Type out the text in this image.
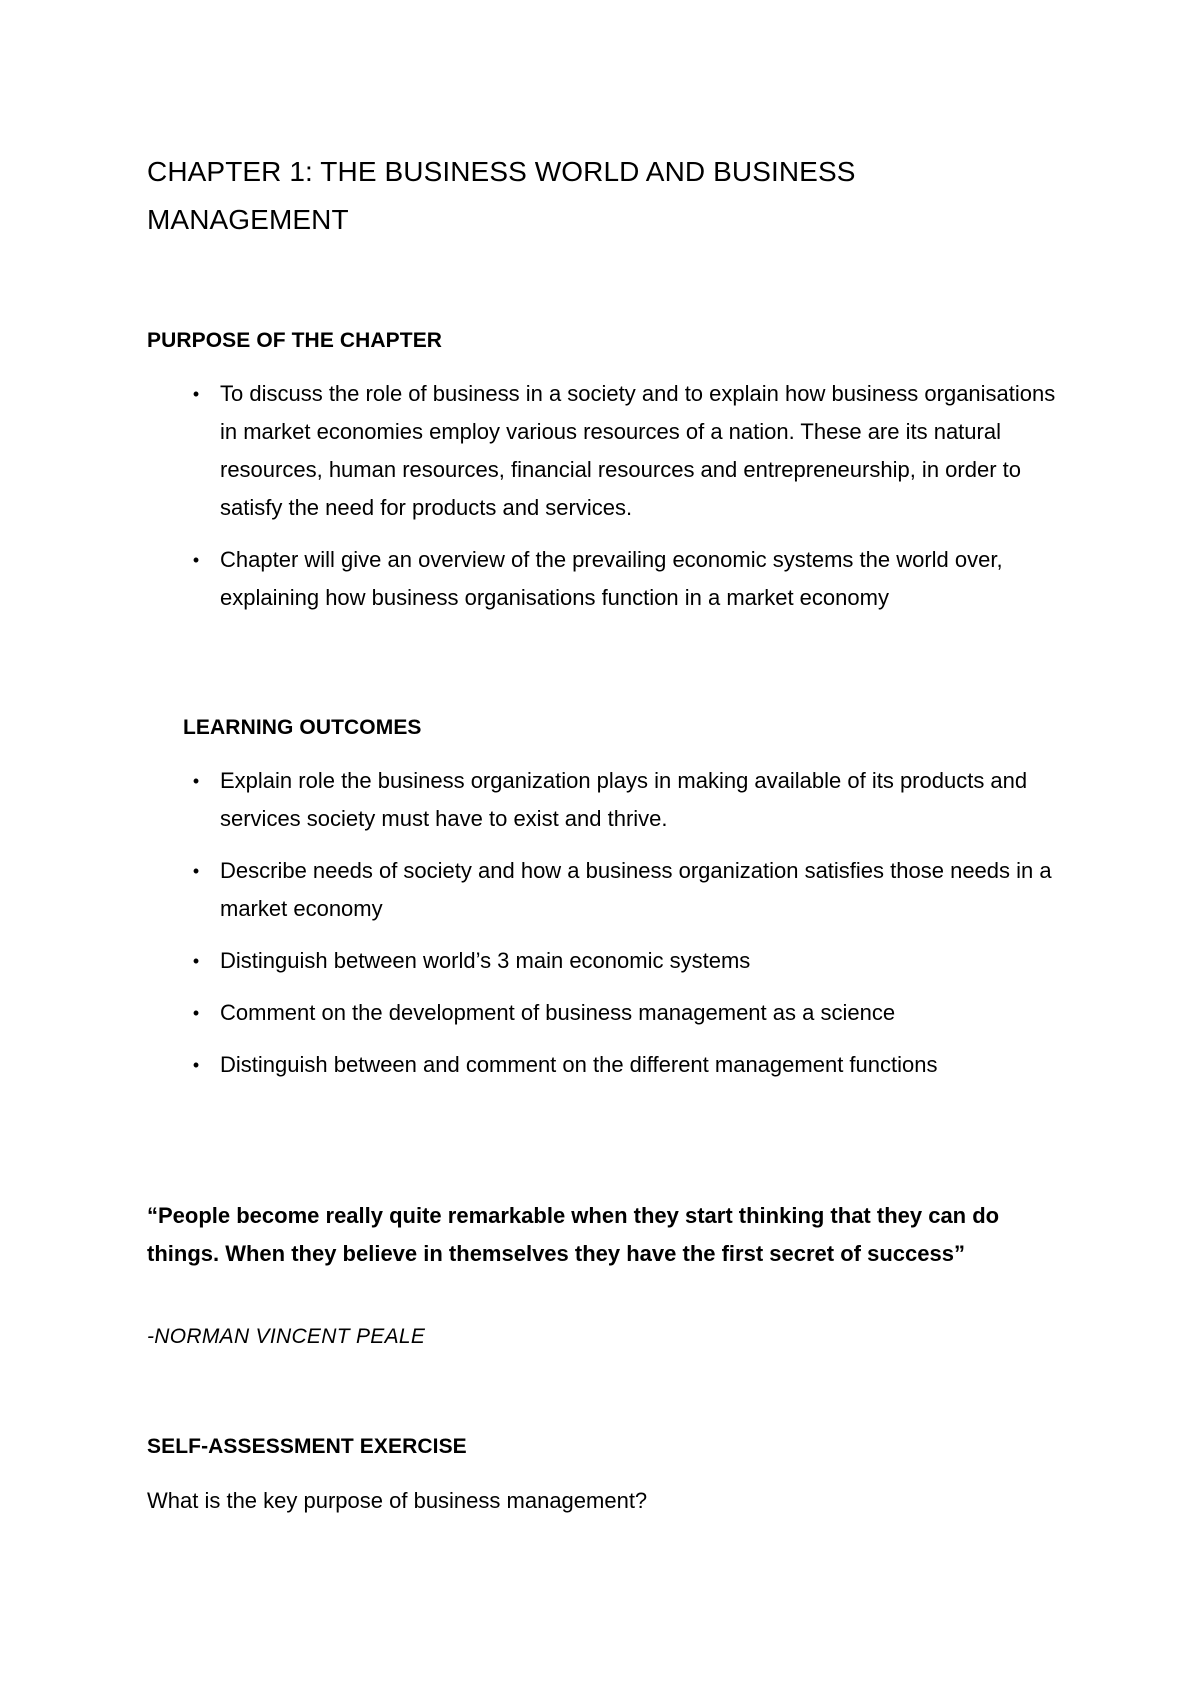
CHAPTER 1: THE BUSINESS WORLD AND BUSINESS MANAGEMENT
PURPOSE OF THE CHAPTER
• To discuss the role of business in a society and to explain how business organisations in market economies employ various resources of a nation. These are its natural resources, human resources, financial resources and entrepreneurship, in order to satisfy the need for products and services.
• Chapter will give an overview of the prevailing economic systems the world over, explaining how business organisations function in a market economy
LEARNING OUTCOMES
• Explain role the business organization plays in making available of its products and services society must have to exist and thrive.
• Describe needs of society and how a business organization satisfies those needs in a market economy
• Distinguish between world’s 3 main economic systems
• Comment on the development of business management as a science
• Distinguish between and comment on the different management functions

“People become really quite remarkable when they start thinking that they can do things. When they believe in themselves they have the first secret of success”

-NORMAN VINCENT PEALE

SELF-ASSESSMENT EXERCISE

What is the key purpose of business management?
